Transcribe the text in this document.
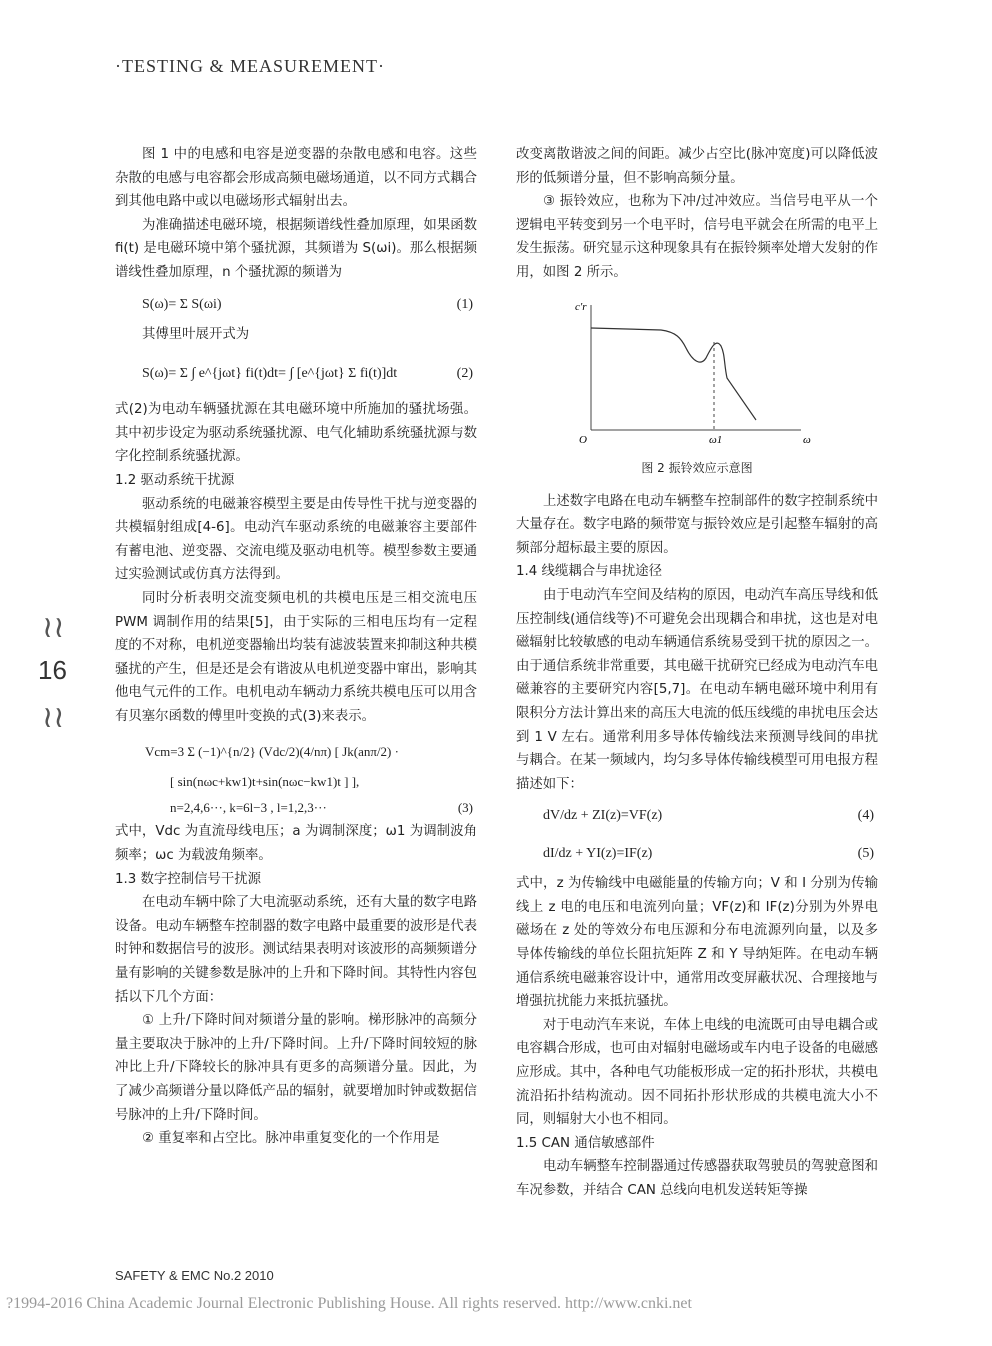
·TESTING & MEASUREMENT·
≀≀
16
≀≀

图 1 中的电感和电容是逆变器的杂散电感和电容。这些杂散的电感与电容都会形成高频电磁场通道，以不同方式耦合到其他电路中或以电磁场形式辐射出去。

为准确描述电磁环境，根据频谱线性叠加原理，如果函数 fi(t) 是电磁环境中第个骚扰源，其频谱为 S(ωi)。那么根据频谱线性叠加原理，n 个骚扰源的频谱为

S(ω)= Σ S(ωi)	(1)

其傅里叶展开式为

S(ω)= Σ ∫ e^{jωt} fi(t)dt= ∫ [e^{jωt} Σ fi(t)]dt	(2)

式(2)为电动车辆骚扰源在其电磁环境中所施加的骚扰场强。其中初步设定为驱动系统骚扰源、电气化辅助系统骚扰源与数字化控制系统骚扰源。

1.2 驱动系统干扰源

驱动系统的电磁兼容模型主要是由传导性干扰与逆变器的共模辐射组成[4-6]。电动汽车驱动系统的电磁兼容主要部件有蓄电池、逆变器、交流电缆及驱动电机等。模型参数主要通过实验测试或仿真方法得到。

同时分析表明交流变频电机的共模电压是三相交流电压 PWM 调制作用的结果[5]，由于实际的三相电压均有一定程度的不对称，电机逆变器输出均装有滤波装置来抑制这种共模骚扰的产生，但是还是会有谐波从电机逆变器中窜出，影响其他电气元件的工作。电机电动车辆动力系统共模电压可以用含有贝塞尔函数的傅里叶变换的式(3)来表示。

Vcm=3 Σ (−1)^{n/2} (Vdc/2)(4/nπ) [ Jk(anπ/2) ·
[ sin(nωc+kw1)t+sin(nωc−kw1)t ] ],
n=2,4,6···, k=6l−3 , l=1,2,3···	(3)

式中，Vdc 为直流母线电压；a 为调制深度；ω1 为调制波角频率；ωc 为载波角频率。

1.3 数字控制信号干扰源

在电动车辆中除了大电流驱动系统，还有大量的数字电路设备。电动车辆整车控制器的数字电路中最重要的波形是代表时钟和数据信号的波形。测试结果表明对该波形的高频频谱分量有影响的关键参数是脉冲的上升和下降时间。其特性内容包括以下几个方面：

① 上升/下降时间对频谱分量的影响。梯形脉冲的高频分量主要取决于脉冲的上升/下降时间。上升/下降时间较短的脉冲比上升/下降较长的脉冲具有更多的高频谱分量。因此，为了减少高频谱分量以降低产品的辐射，就要增加时钟或数据信号脉冲的上升/下降时间。

② 重复率和占空比。脉冲串重复变化的一个作用是

改变离散谐波之间的间距。减少占空比(脉冲宽度)可以降低波形的低频谱分量，但不影响高频分量。

③ 振铃效应，也称为下冲/过冲效应。当信号电平从一个逻辑电平转变到另一个电平时，信号电平就会在所需的电平上发生振荡。研究显示这种现象具有在振铃频率处增大发射的作用，如图 2 所示。

c'r
O	ω1	ω
图 2 振铃效应示意图

上述数字电路在电动车辆整车控制部件的数字控制系统中大量存在。数字电路的频带宽与振铃效应是引起整车辐射的高频部分超标最主要的原因。

1.4 线缆耦合与串扰途径

由于电动汽车空间及结构的原因，电动汽车高压导线和低压控制线(通信线等)不可避免会出现耦合和串扰，这也是对电磁辐射比较敏感的电动车辆通信系统易受到干扰的原因之一。由于通信系统非常重要，其电磁干扰研究已经成为电动汽车电磁兼容的主要研究内容[5,7]。在电动车辆电磁环境中利用有限积分方法计算出来的高压大电流的低压线缆的串扰电压会达到 1 V 左右。通常利用多导体传输线法来预测导线间的串扰与耦合。在某一频域内，均匀多导体传输线模型可用电报方程描述如下：

dV/dz + ZI(z)=VF(z)	(4)
dI/dz + YI(z)=IF(z)	(5)

式中，z 为传输线中电磁能量的传输方向；V 和 I 分别为传输线上 z 电的电压和电流列向量；VF(z)和 IF(z)分别为外界电磁场在 z 处的等效分布电压源和分布电流源列向量，以及多导体传输线的单位长阻抗矩阵 Z 和 Y 导纳矩阵。在电动车辆通信系统电磁兼容设计中，通常用改变屏蔽状况、合理接地与增强抗扰能力来抵抗骚扰。

对于电动汽车来说，车体上电线的电流既可由导电耦合或电容耦合形成，也可由对辐射电磁场或车内电子设备的电磁感应形成。其中，各种电气功能板形成一定的拓扑形状，共模电流沿拓扑结构流动。因不同拓扑形状形成的共模电流大小不同，则辐射大小也不相同。

1.5 CAN 通信敏感部件

电动车辆整车控制器通过传感器获取驾驶员的驾驶意图和车况参数，并结合 CAN 总线向电机发送转矩等操

SAFETY & EMC No.2 2010
?1994-2016 China Academic Journal Electronic Publishing House. All rights reserved. http://www.cnki.net
